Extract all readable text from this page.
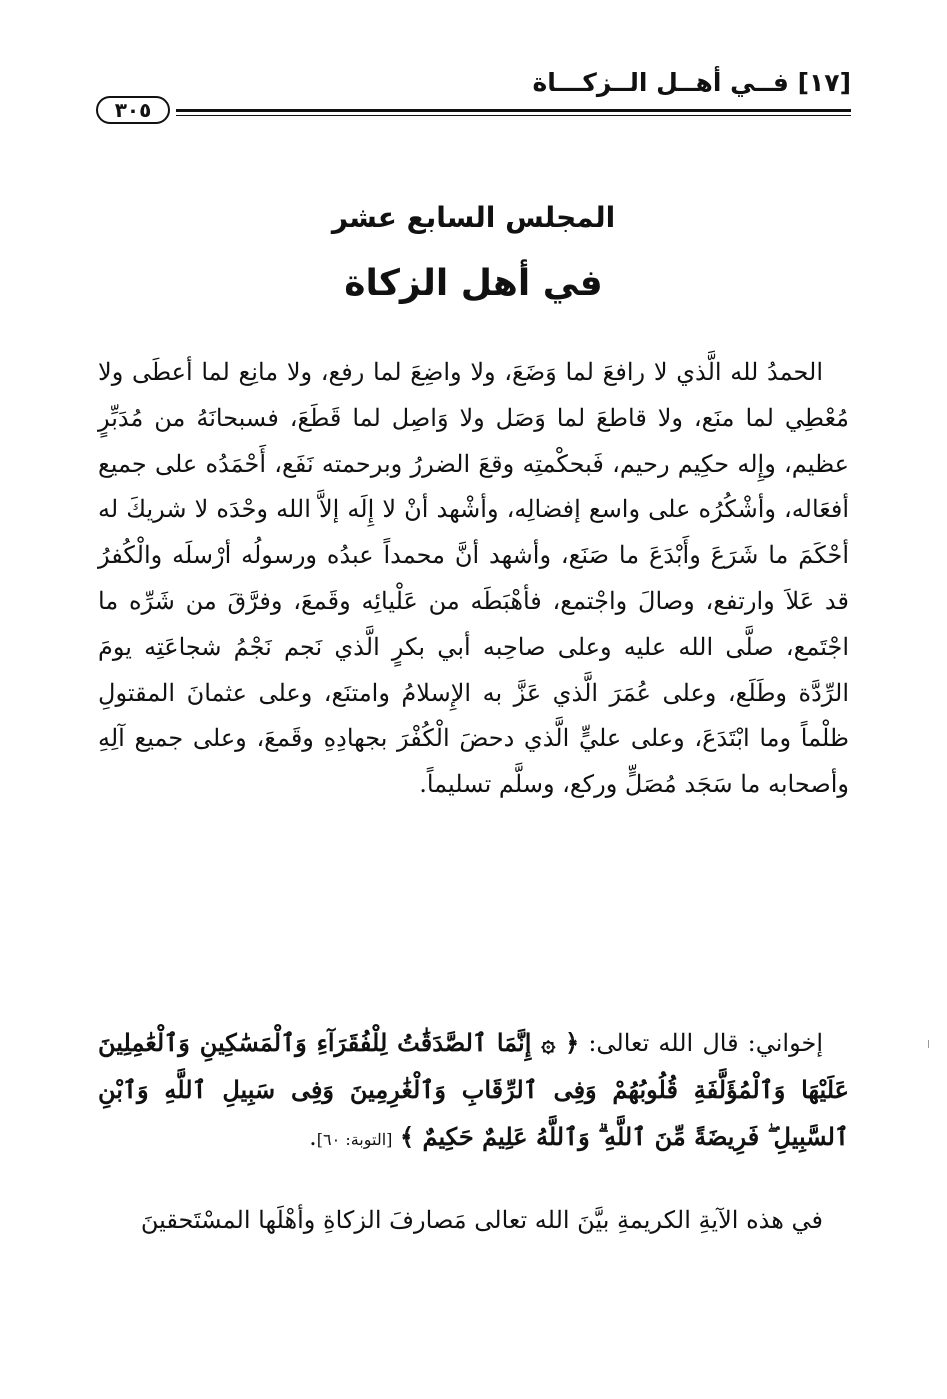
[١٧] فــي أهــل الــزكـــاة
٣٠٥
المجلس السابع عشر
في أهل الزكاة

الحمدُ لله الَّذي لا رافعَ لما وَضَعَ، ولا واضِعَ لما رفع، ولا مانِع لما أعطَى ولا مُعْطِي لما منَع، ولا قاطعَ لما وَصَل ولا وَاصِل لما قَطَعَ، فسبحانَهُ من مُدَبِّرٍ عظيم، وإِله حكِيم رحيم، فَبحكْمتِه وقعَ الضررُ وبرحمته نَفَع، أَحْمَدُه على جميع أفعَاله، وأشْكُرُه على واسع إفضالِه، وأشْهد أنْ لا إِلَه إلاَّ الله وحْدَه لا شريكَ له أحْكَمَ ما شَرَعَ وأَبْدَعَ ما صَنَع، وأشهد أنَّ محمداً عبدُه ورسولُه أرْسلَه والْكُفرُ قد عَلاَ وارتفع، وصالَ واجْتمع، فأهْبَطَه من عَلْيائِه وقَمعَ، وفرَّقَ من شَرِّه ما اجْتَمع، صلَّى الله عليه وعلى صاحِبه أبي بكرٍ الَّذي نَجم نَجْمُ شجاعَتِه يومَ الرِّدَّة وطَلَع، وعلى عُمَرَ الَّذي عَزَّ به الإِسلامُ وامتنَع، وعلى عثمانَ المقتولِ ظلْماً وما ابْتَدَعَ، وعلى عليٍّ الَّذي دحضَ الْكُفْرَ بجهادِهِ وقَمعَ، وعلى جميع آلِهِ وأصحابه ما سَجَد مُصَلٍّ وركع، وسلَّم تسليماً.

إخواني: قال الله تعالى: ﴿ ۞ إِنَّمَا ٱلصَّدَقَٰتُ لِلْفُقَرَآءِ وَٱلْمَسَٰكِينِ وَٱلْعَٰمِلِينَ عَلَيْهَا وَٱلْمُؤَلَّفَةِ قُلُوبُهُمْ وَفِى ٱلرِّقَابِ وَٱلْغَٰرِمِينَ وَفِى سَبِيلِ ٱللَّهِ وَٱبْنِ ٱلسَّبِيلِ ۖ فَرِيضَةً مِّنَ ٱللَّهِ ۗ وَٱللَّهُ عَلِيمٌ حَكِيمٌ ﴾ [التوبة: ٦٠].

في هذه الآيةِ الكريمةِ بيَّنَ الله تعالى مَصارفَ الزكاةِ وأهْلَها المسْتَحقينَ
